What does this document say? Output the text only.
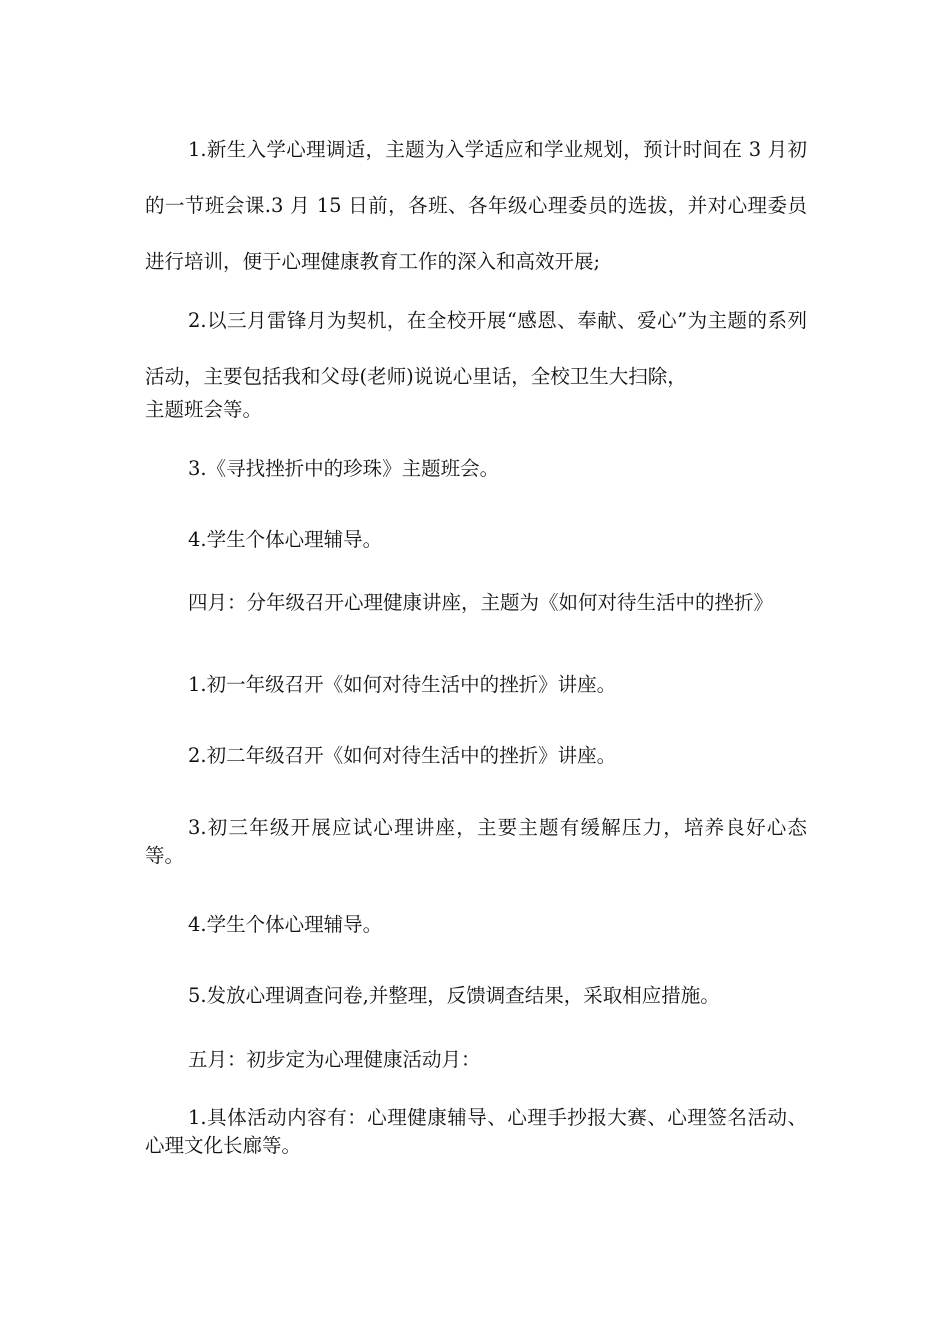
1.新生入学心理调适，主题为入学适应和学业规划，预计时间在 3 月初的一节班会课.3 月 15 日前，各班、各年级心理委员的选拔，并对心理委员进行培训，便于心理健康教育工作的深入和高效开展;

2.以三月雷锋月为契机，在全校开展“感恩、奉献、爱心”为主题的系列活动，主要包括我和父母(老师)说说心里话，全校卫生大扫除，

主题班会等。

3.《寻找挫折中的珍珠》主题班会。

4.学生个体心理辅导。

四月：分年级召开心理健康讲座，主题为《如何对待生活中的挫折》

1.初一年级召开《如何对待生活中的挫折》讲座。

2.初二年级召开《如何对待生活中的挫折》讲座。

3.初三年级开展应试心理讲座，主要主题有缓解压力，培养良好心态等。

4.学生个体心理辅导。

5.发放心理调查问卷,并整理，反馈调查结果，采取相应措施。

五月：初步定为心理健康活动月：

1.具体活动内容有：心理健康辅导、心理手抄报大赛、心理签名活动、心理文化长廊等。
